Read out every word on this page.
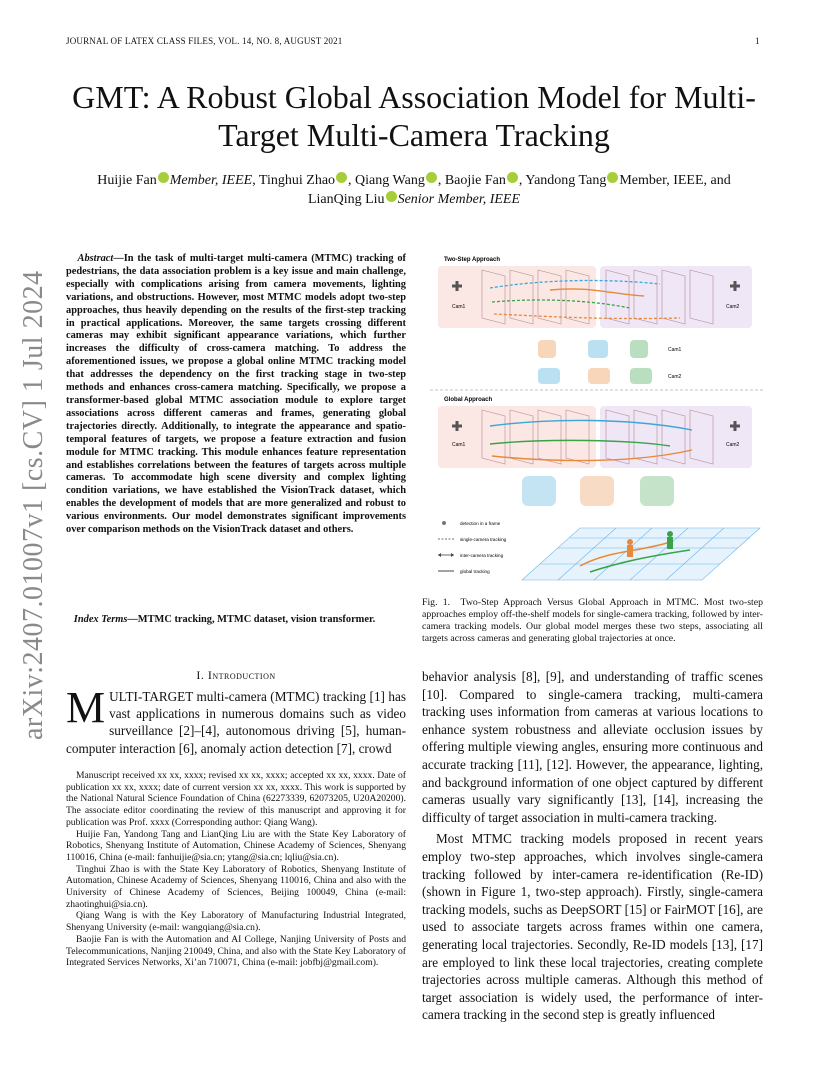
JOURNAL OF LATEX CLASS FILES, VOL. 14, NO. 8, AUGUST 2021	1
arXiv:2407.01007v1 [cs.CV] 1 Jul 2024
GMT: A Robust Global Association Model for Multi-Target Multi-Camera Tracking
Huijie Fan Member, IEEE, Tinghui Zhao , Qiang Wang , Baojie Fan , Yandong Tang Member, IEEE, and
LianQing Liu Senior Member, IEEE
Abstract—In the task of multi-target multi-camera (MTMC) tracking of pedestrians, the data association problem is a key issue and main challenge, especially with complications arising from camera movements, lighting variations, and obstructions. However, most MTMC models adopt two-step approaches, thus heavily depending on the results of the first-step tracking in practical applications. Moreover, the same targets crossing different cameras may exhibit significant appearance variations, which further increases the difficulty of cross-camera matching. To address the aforementioned issues, we propose a global online MTMC tracking model that addresses the dependency on the first tracking stage in two-step methods and enhances cross-camera matching. Specifically, we propose a transformer-based global MTMC association module to explore target associations across different cameras and frames, generating global trajectories directly. Additionally, to integrate the appearance and spatio-temporal features of targets, we propose a feature extraction and fusion module for MTMC tracking. This module enhances feature representation and establishes correlations between the features of targets across multiple cameras. To accommodate high scene diversity and complex lighting condition variations, we have established the VisionTrack dataset, which enables the development of models that are more generalized and robust to various environments. Our model demonstrates significant improvements over comparison methods on the VisionTrack dataset and others.
Index Terms—MTMC tracking, MTMC dataset, vision transformer.
I. Introduction
MULTI-TARGET multi-camera (MTMC) tracking [1] has vast applications in numerous domains such as video surveillance [2]–[4], autonomous driving [5], human-computer interaction [6], anomaly action detection [7], crowd

Manuscript received xx xx, xxxx; revised xx xx, xxxx; accepted xx xx, xxxx. Date of publication xx xx, xxxx; date of current version xx xx, xxxx. This work is supported by the National Natural Science Foundation of China (62273339, 62073205, U20A20200). The associate editor coordinating the review of this manuscript and approving it for publication was Prof. xxxx (Corresponding author: Qiang Wang).

Huijie Fan, Yandong Tang and LianQing Liu are with the State Key Laboratory of Robotics, Shenyang Institute of Automation, Chinese Academy of Sciences, Shenyang 110016, China (e-mail: fanhuijie@sia.cn; ytang@sia.cn; lqliu@sia.cn).

Tinghui Zhao is with the State Key Laboratory of Robotics, Shenyang Institute of Automation, Chinese Academy of Sciences, Shenyang 110016, China and also with the University of Chinese Academy of Sciences, Beijing 100049, China (e-mail: zhaotinghui@sia.cn).

Qiang Wang is with the Key Laboratory of Manufacturing Industrial Integrated, Shenyang University (e-mail: wangqiang@sia.cn).

Baojie Fan is with the Automation and AI College, Nanjing University of Posts and Telecommunications, Nanjing 210049, China, and also with the State Key Laboratory of Integrated Services Networks, Xi’an 710071, China (e-mail: jobfbj@gmail.com).

Two-Step Approach
Cam1	Cam2
Cam1
Cam2
Global Approach
Cam1	Cam2
detection in a frame
single-camera tracking
inter-camera tracking
global tracking
Fig. 1. Two-Step Approach Versus Global Approach in MTMC. Most two-step approaches employ off-the-shelf models for single-camera tracking, followed by inter-camera tracking models. Our global model merges these two steps, associating all targets across cameras and generating global trajectories at once.

behavior analysis [8], [9], and understanding of traffic scenes [10]. Compared to single-camera tracking, multi-camera tracking uses information from cameras at various locations to enhance system robustness and alleviate occlusion issues by offering multiple viewing angles, ensuring more continuous and accurate tracking [11], [12]. However, the appearance, lighting, and background information of one object captured by different cameras usually vary significantly [13], [14], increasing the difficulty of target association in multi-camera tracking.

Most MTMC tracking models proposed in recent years employ two-step approaches, which involves single-camera tracking followed by inter-camera re-identification (Re-ID) (shown in Figure 1, two-step approach). Firstly, single-camera tracking models, suchs as DeepSORT [15] or FairMOT [16], are used to associate targets across frames within one camera, generating local trajectories. Secondly, Re-ID models [13], [17] are employed to link these local trajectories, creating complete trajectories across multiple cameras. Although this method of target association is widely used, the performance of inter-camera tracking in the second step is greatly influenced
